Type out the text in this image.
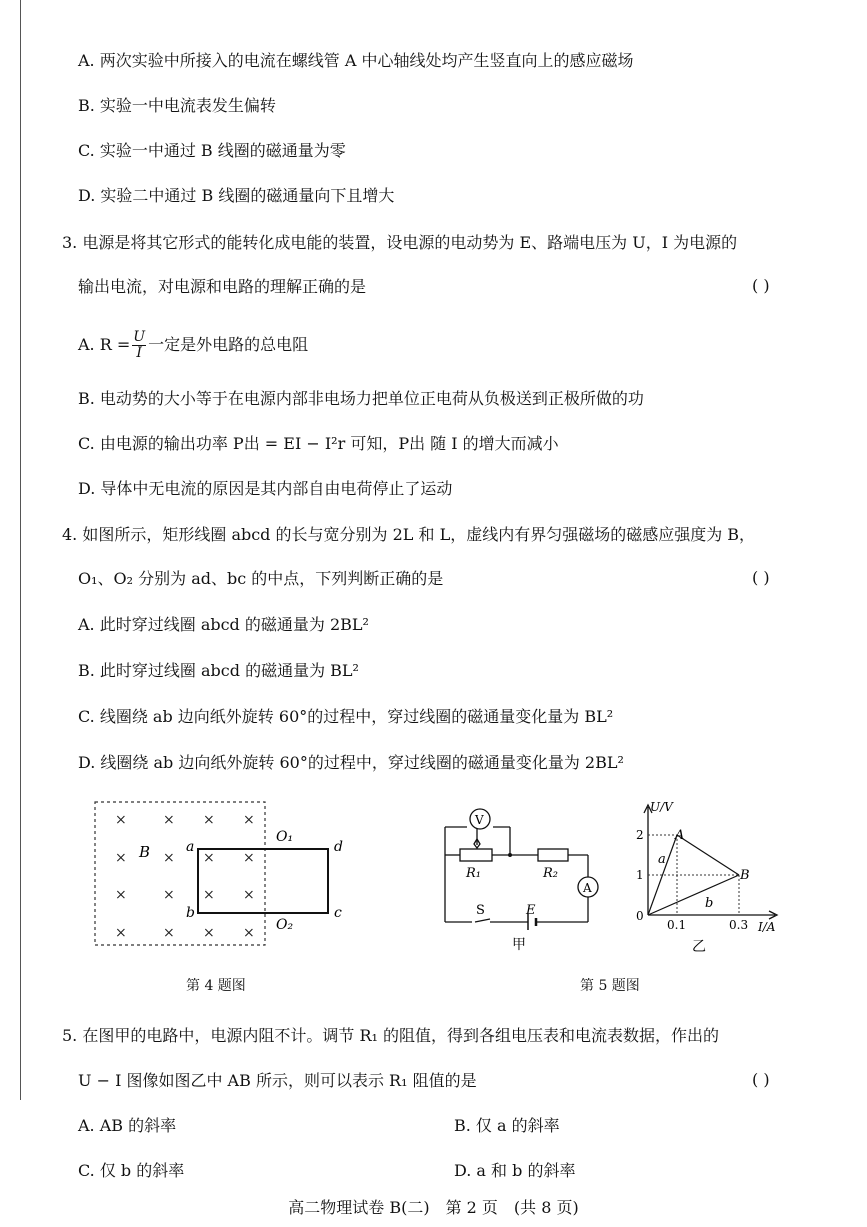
A. 两次实验中所接入的电流在螺线管 A 中心轴线处均产生竖直向上的感应磁场
B. 实验一中电流表发生偏转
C. 实验一中通过 B 线圈的磁通量为零
D. 实验二中通过 B 线圈的磁通量向下且增大
3. 电源是将其它形式的能转化成电能的装置，设电源的电动势为 E、路端电压为 U，I 为电源的
输出电流，对电源和电路的理解正确的是	( )
A. $R = \frac{U}{I}$ 一定是外电路的总电阻
B. 电动势的大小等于在电源内部非电场力把单位正电荷从负极送到正极所做的功
C. 由电源的输出功率 P出 = EI − I²r 可知，P出 随 I 的增大而减小
D. 导体中无电流的原因是其内部自由电荷停止了运动
4. 如图所示，矩形线圈 abcd 的长与宽分别为 2L 和 L，虚线内有界匀强磁场的磁感应强度为 B，
O₁、O₂ 分别为 ad、bc 的中点，下列判断正确的是	( )
A. 此时穿过线圈 abcd 的磁通量为 2BL²
B. 此时穿过线圈 abcd 的磁通量为 BL²
C. 线圈绕 ab 边向纸外旋转 60°的过程中，穿过线圈的磁通量变化量为 BL²
D. 线圈绕 ab 边向纸外旋转 60°的过程中，穿过线圈的磁通量变化量为 2BL²
×	× × ×
×	× × ×
×	× × ×
×	× × ×
B	a
b	c
d
O₁
O₂
第 4 题图
V
A
R₁	R₂
S	E
甲
U/V
I/A
2
1
0
0.1	0.3
A
B
a
b
乙
第 5 题图
5. 在图甲的电路中，电源内阻不计。调节 R₁ 的阻值，得到各组电压表和电流表数据，作出的
U − I 图像如图乙中 AB 所示，则可以表示 R₁ 阻值的是	( )
A. AB 的斜率	B. 仅 a 的斜率
C. 仅 b 的斜率	D. a 和 b 的斜率
高二物理试卷 B(二)　第 2 页　(共 8 页)
